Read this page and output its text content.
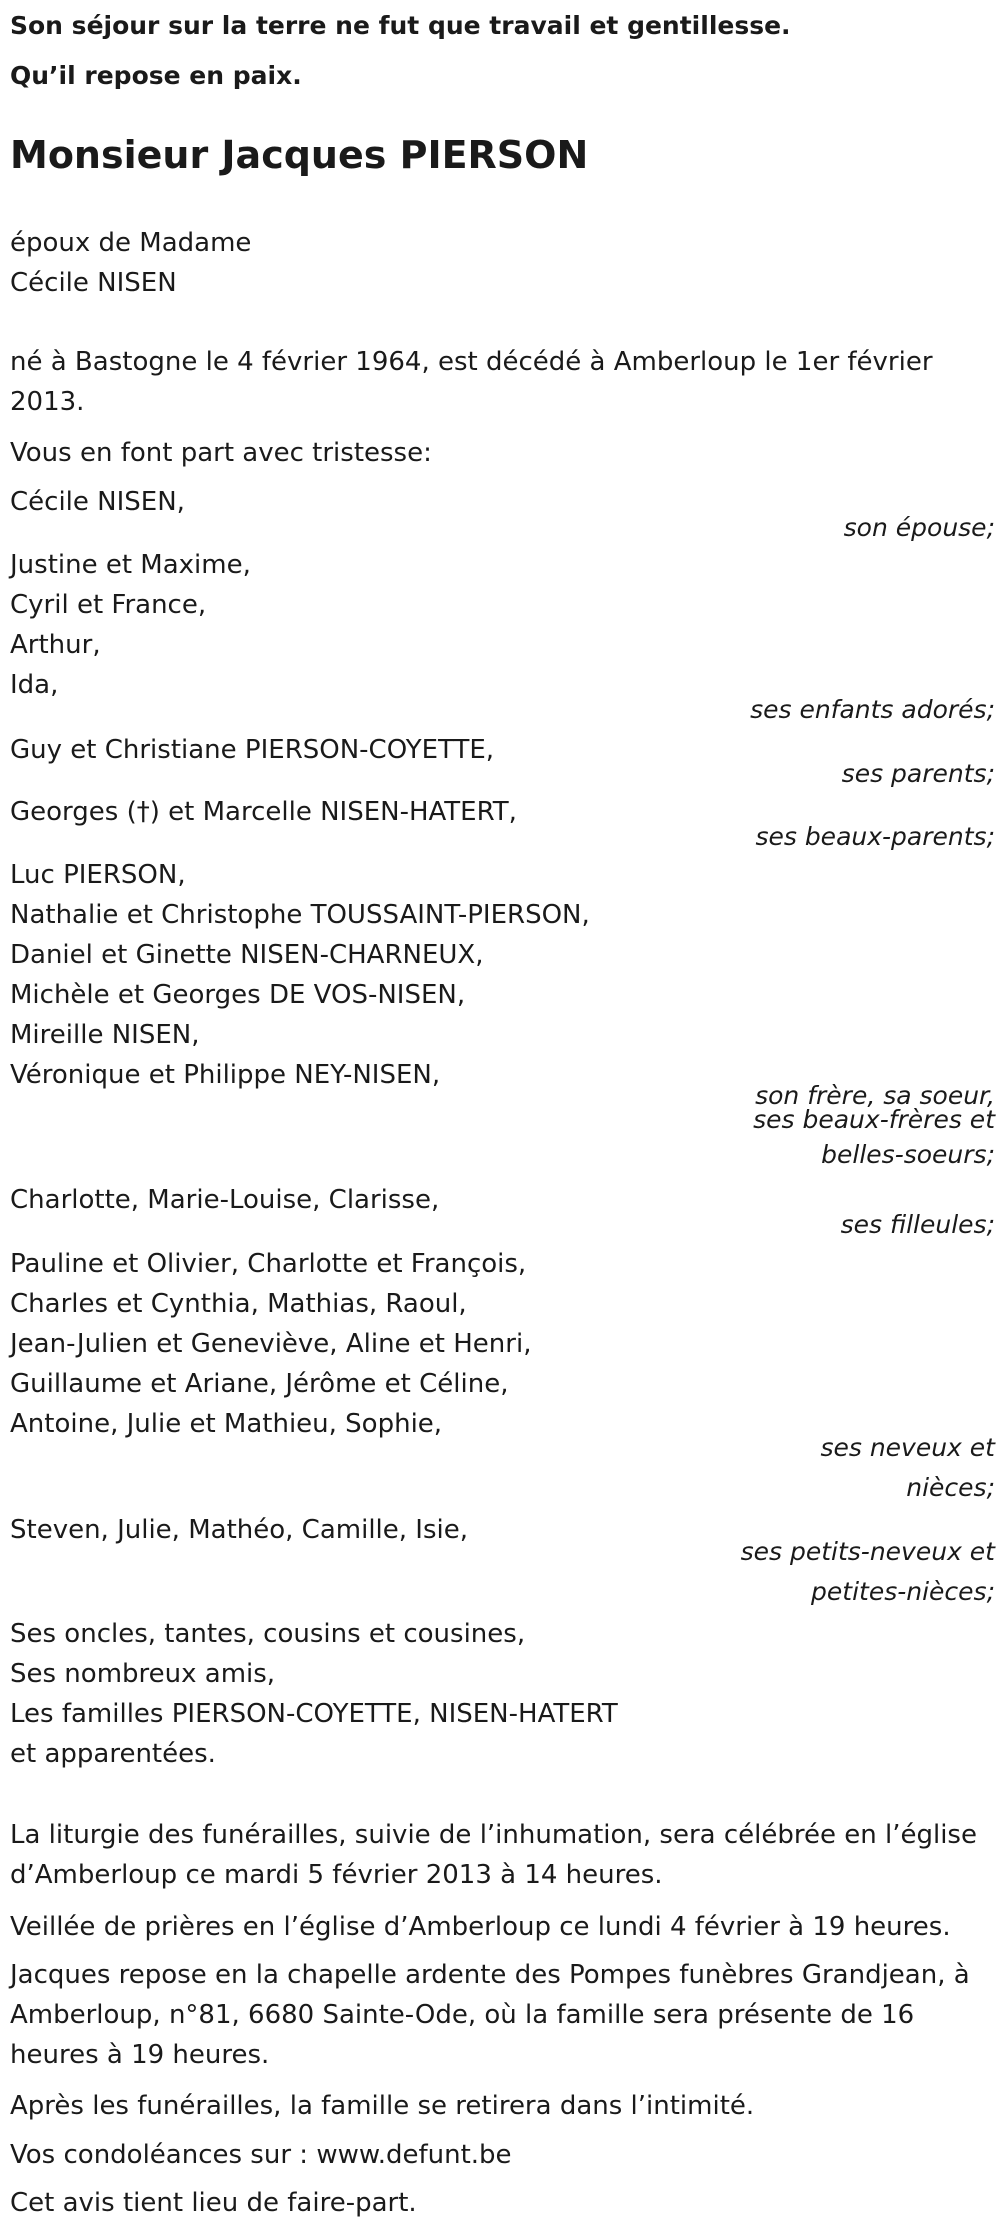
Son séjour sur la terre ne fut que travail et gentillesse.
Qu’il repose en paix.
Monsieur Jacques PIERSON
époux de Madame
Cécile NISEN
né à Bastogne le 4 février 1964, est décédé à Amberloup le 1er février 2013.
Vous en font part avec tristesse:
Cécile NISEN,
son épouse;
Justine et Maxime,
Cyril et France,
Arthur,
Ida,
ses enfants adorés;
Guy et Christiane PIERSON-COYETTE,
ses parents;
Georges (†) et Marcelle NISEN-HATERT,
ses beaux-parents;
Luc PIERSON,
Nathalie et Christophe TOUSSAINT-PIERSON,
Daniel et Ginette NISEN-CHARNEUX,
Michèle et Georges DE VOS-NISEN,
Mireille NISEN,
Véronique et Philippe NEY-NISEN,
son frère, sa soeur,
ses beaux-frères et
belles-soeurs;
Charlotte, Marie-Louise, Clarisse,
ses filleules;
Pauline et Olivier, Charlotte et François,
Charles et Cynthia, Mathias, Raoul,
Jean-Julien et Geneviève, Aline et Henri,
Guillaume et Ariane, Jérôme et Céline,
Antoine, Julie et Mathieu, Sophie,
ses neveux et
nièces;
Steven, Julie, Mathéo, Camille, Isie,
ses petits-neveux et
petites-nièces;
Ses oncles, tantes, cousins et cousines,
Ses nombreux amis,
Les familles PIERSON-COYETTE, NISEN-HATERT
et apparentées.
La liturgie des funérailles, suivie de l’inhumation, sera célébrée en l’église
d’Amberloup ce mardi 5 février 2013 à 14 heures.
Veillée de prières en l’église d’Amberloup ce lundi 4 février à 19 heures.
Jacques repose en la chapelle ardente des Pompes funèbres Grandjean, à
Amberloup, n°81, 6680 Sainte-Ode, où la famille sera présente de 16
heures à 19 heures.
Après les funérailles, la famille se retirera dans l’intimité.
Vos condoléances sur : www.defunt.be
Cet avis tient lieu de faire-part.
